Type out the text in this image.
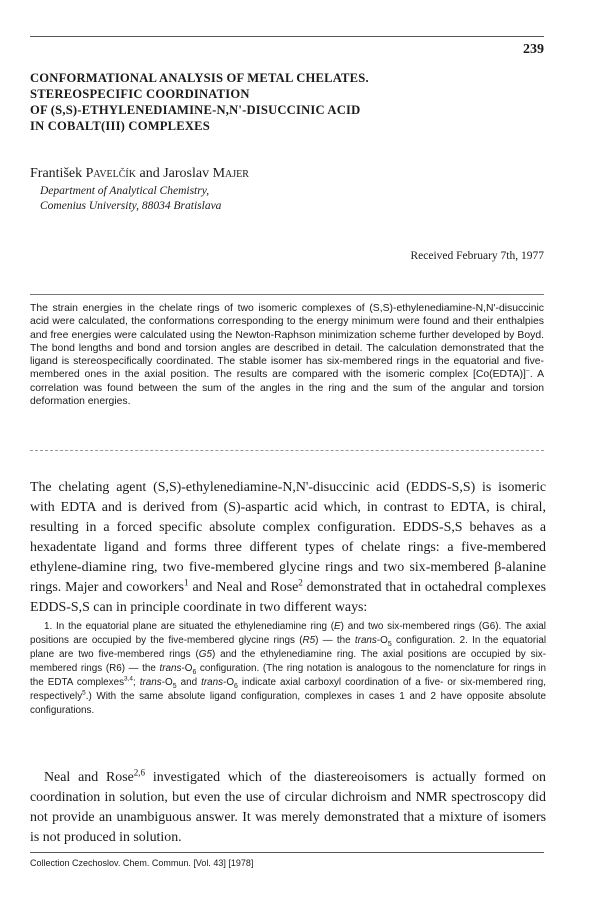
239
CONFORMATIONAL ANALYSIS OF METAL CHELATES.
STEREOSPECIFIC COORDINATION
OF (S,S)-ETHYLENEDIAMINE-N,N'-DISUCCINIC ACID
IN COBALT(III) COMPLEXES
František Pavelčík and Jaroslav Majer
Department of Analytical Chemistry,
Comenius University, 88034 Bratislava
Received February 7th, 1977
The strain energies in the chelate rings of two isomeric complexes of (S,S)-ethylenediamine-N,N'-disuccinic acid were calculated, the conformations corresponding to the energy minimum were found and their enthalpies and free energies were calculated using the Newton-Raphson minimization scheme further developed by Boyd. The bond lengths and bond and torsion angles are described in detail. The calculation demonstrated that the ligand is stereospecifically coordinated. The stable isomer has six-membered rings in the equatorial and five-membered ones in the axial position. The results are compared with the isomeric complex [Co(EDTA)]−. A correlation was found between the sum of the angles in the ring and the sum of the angular and torsion deformation energies.
The chelating agent (S,S)-ethylenediamine-N,N'-disuccinic acid (EDDS-S,S) is isomeric with EDTA and is derived from (S)-aspartic acid which, in contrast to EDTA, is chiral, resulting in a forced specific absolute complex configuration. EDDS-S,S behaves as a hexadentate ligand and forms three different types of chelate rings: a five-membered ethylene-diamine ring, two five-membered glycine rings and two six-membered β-alanine rings. Majer and coworkers$^1$ and Neal and Rose$^2$ demonstrated that in octahedral complexes EDDS-S,S can in principle coordinate in two different ways:
1. In the equatorial plane are situated the ethylenediamine ring (E) and two six-membered rings (G6). The axial positions are occupied by the five-membered glycine rings (R5) — the trans-$O_5$ configuration. 2. In the equatorial plane are two five-membered rings (G5) and the ethylenediamine ring. The axial positions are occupied by six-membered rings (R6) — the trans-$O_6$ configuration. (The ring notation is analogous to the nomenclature for rings in the EDTA complexes$^{3,4}$; trans-$O_5$ and trans-$O_6$ indicate axial carboxyl coordination of a five- or six-membered ring, respectively$^5$.) With the same absolute ligand configuration, complexes in cases 1 and 2 have opposite absolute configurations.
Neal and Rose$^{2,6}$ investigated which of the diastereoisomers is actually formed on coordination in solution, but even the use of circular dichroism and NMR spectroscopy did not provide an unambiguous answer. It was merely demonstrated that a mixture of isomers is not produced in solution.
Collection Czechoslov. Chem. Commun. [Vol. 43] [1978]
